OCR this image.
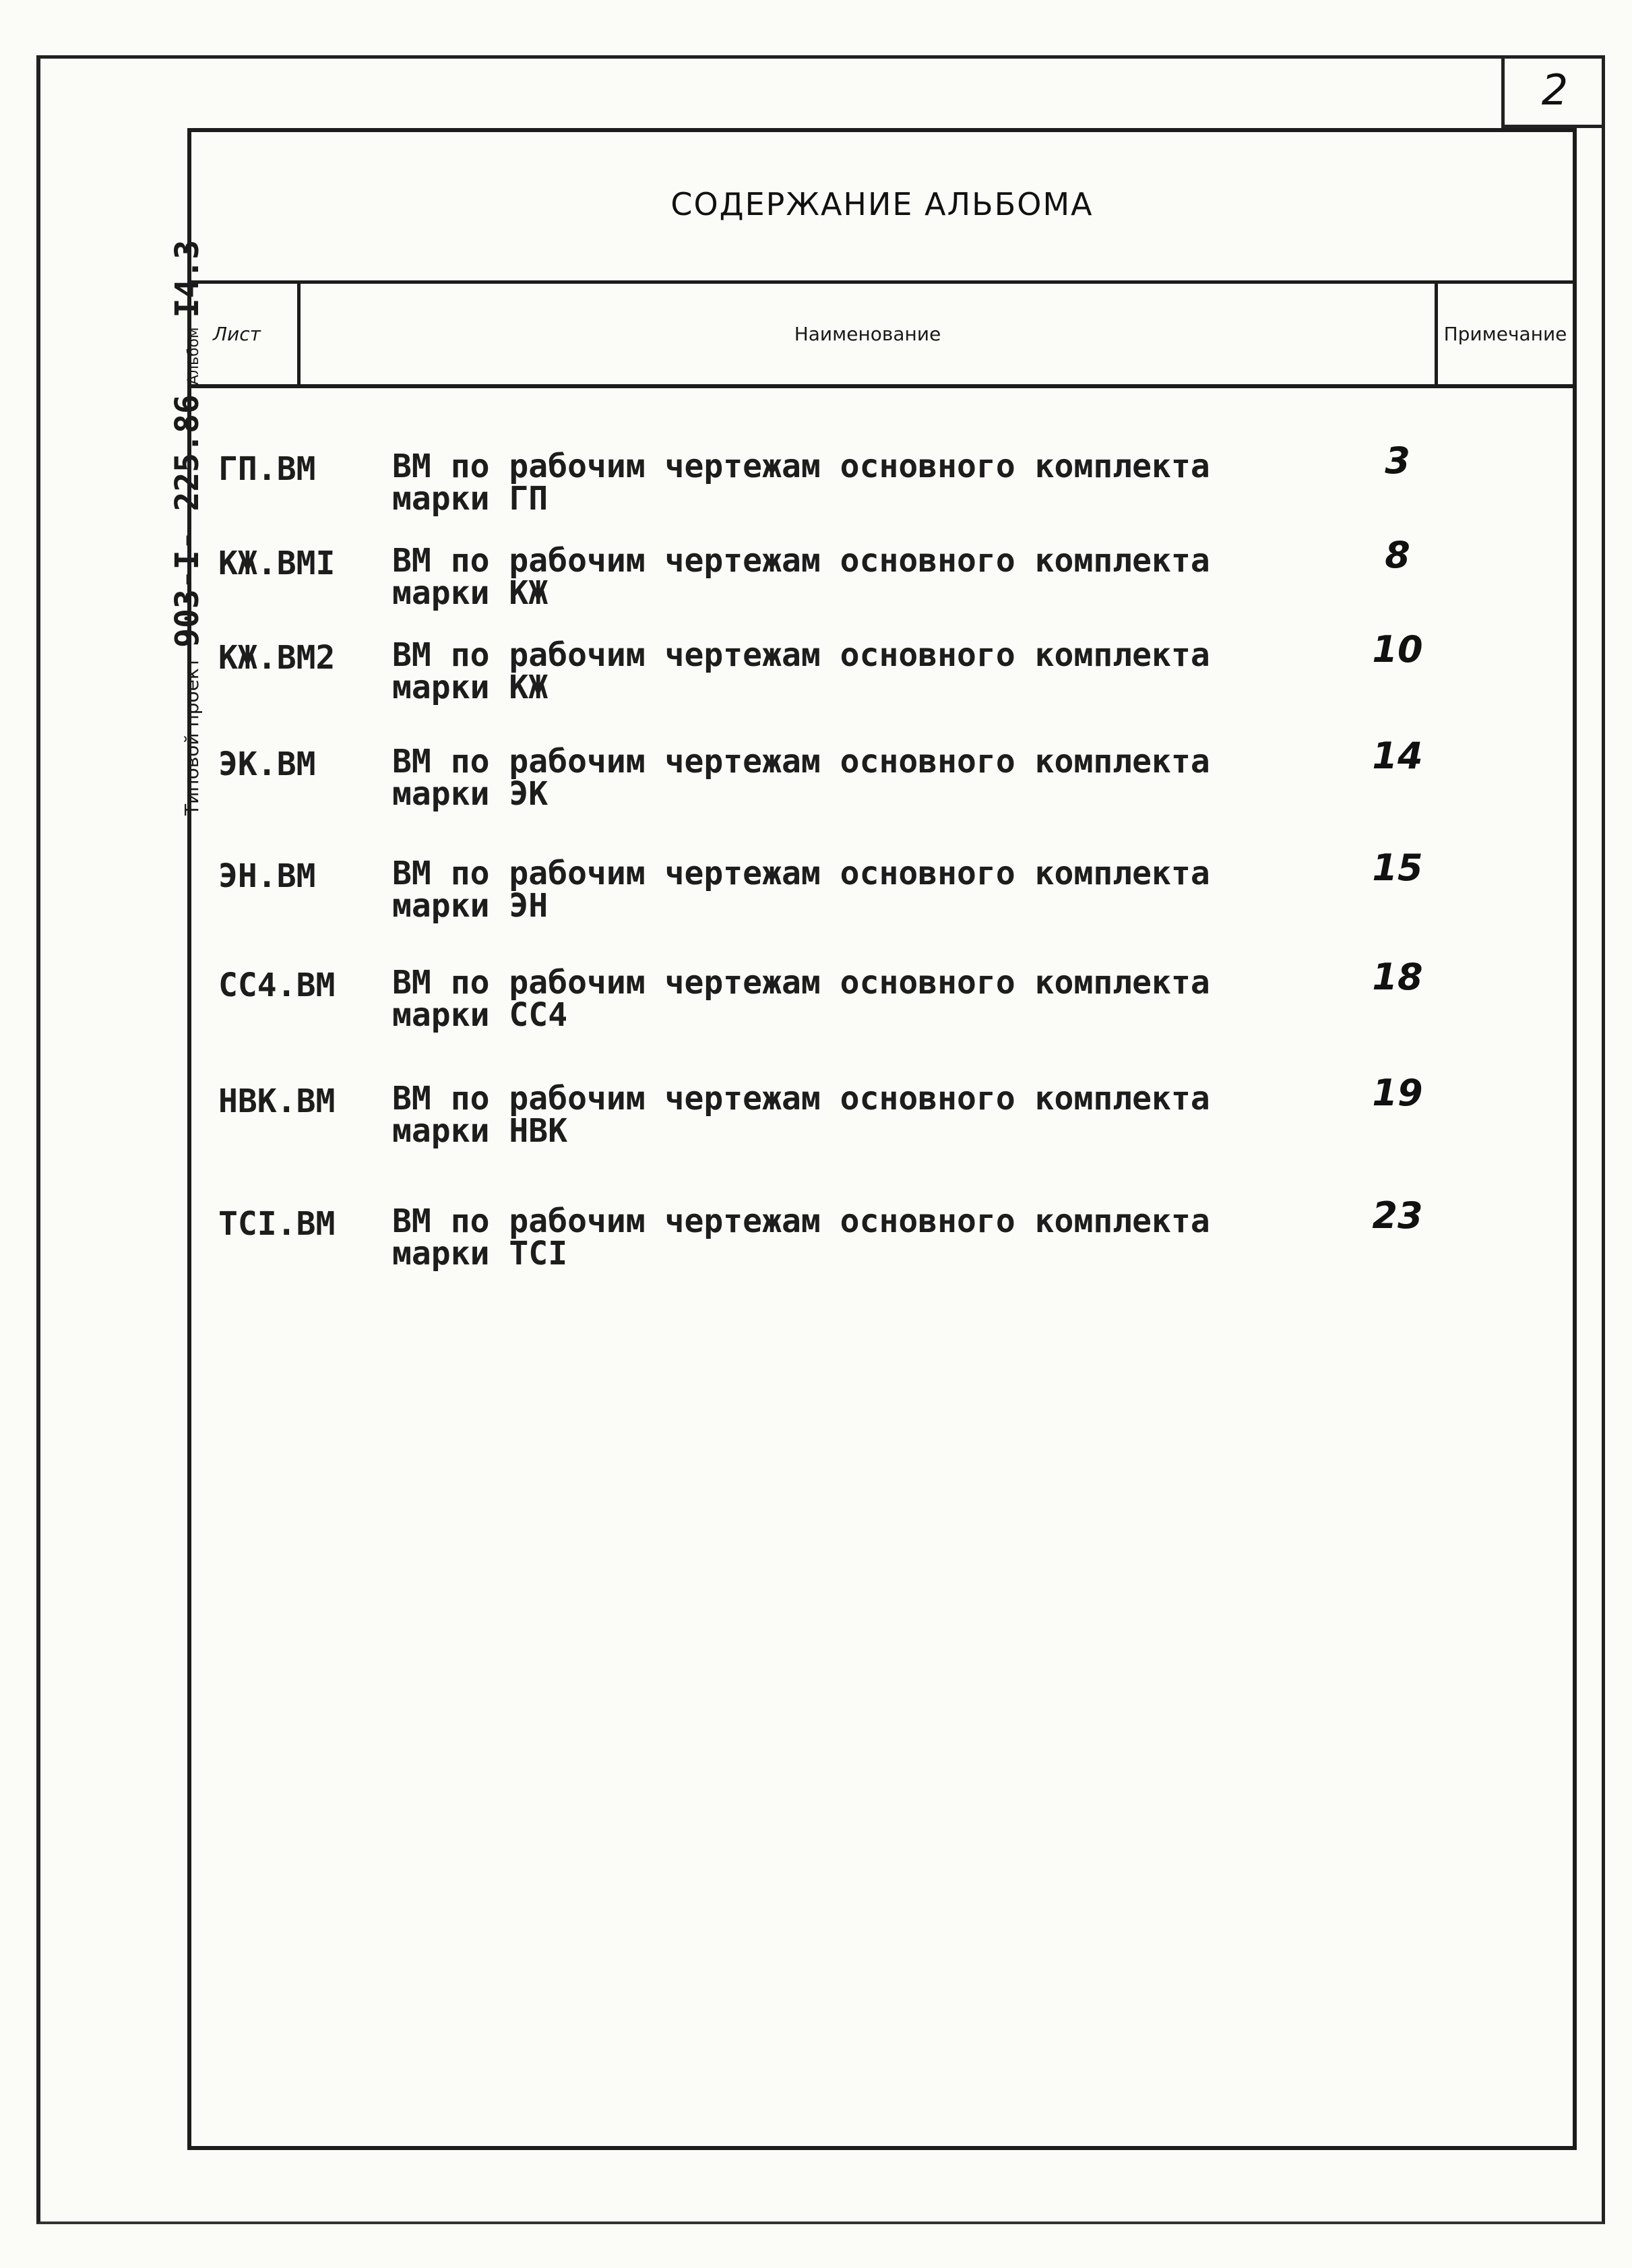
2
Типовой проект
903-I- 225.86
Альбом
I4.3
СОДЕРЖАНИЕ АЛЬБОМА
Лист	Наименование	Примечание
ГП.ВМ ВМ по рабочим чертежам основного комплекта
марки ГП
3
КЖ.ВМI ВМ по рабочим чертежам основного комплекта
марки КЖ
8
КЖ.ВМ2 ВМ по рабочим чертежам основного комплекта
марки КЖ
10
ЭК.ВМ ВМ по рабочим чертежам основного комплекта
марки ЭК
14
ЭН.ВМ ВМ по рабочим чертежам основного комплекта
марки ЭН
15
СС4.ВМ ВМ по рабочим чертежам основного комплекта
марки СС4
18
НВК.ВМ ВМ по рабочим чертежам основного комплекта
марки НВК
19
ТСI.ВМ ВМ по рабочим чертежам основного комплекта
марки ТСI
23
